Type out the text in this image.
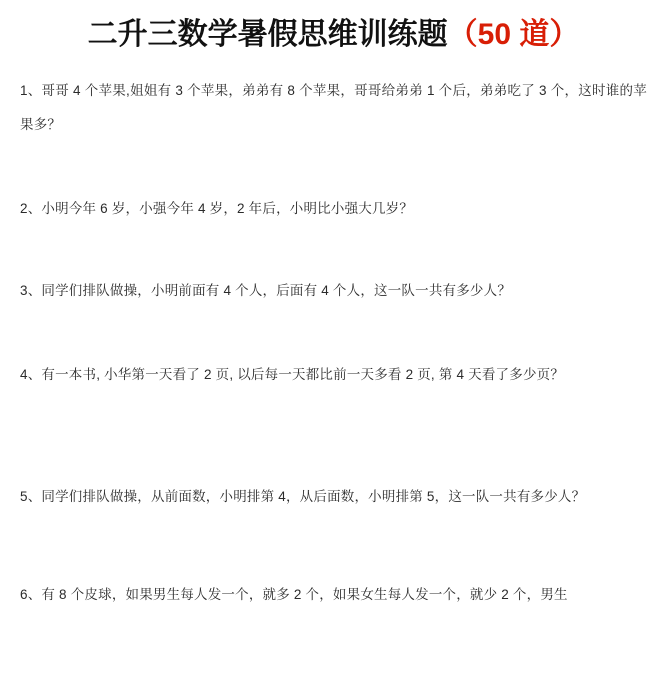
二升三数学暑假思维训练题（50 道）
1、哥哥 4 个苹果,姐姐有 3 个苹果，弟弟有 8 个苹果，哥哥给弟弟 1 个后，弟弟吃了 3 个，这时谁的苹果多？
2、小明今年 6 岁，小强今年 4 岁，2 年后，小明比小强大几岁？
3、同学们排队做操，小明前面有 4 个人，后面有 4 个人，这一队一共有多少人？
4、有一本书, 小华第一天看了 2 页, 以后每一天都比前一天多看 2 页, 第 4 天看了多少页？
5、同学们排队做操，从前面数，小明排第 4，从后面数，小明排第 5，这一队一共有多少人？
6、有 8 个皮球，如果男生每人发一个，就多 2 个，如果女生每人发一个，就少 2 个，男生
